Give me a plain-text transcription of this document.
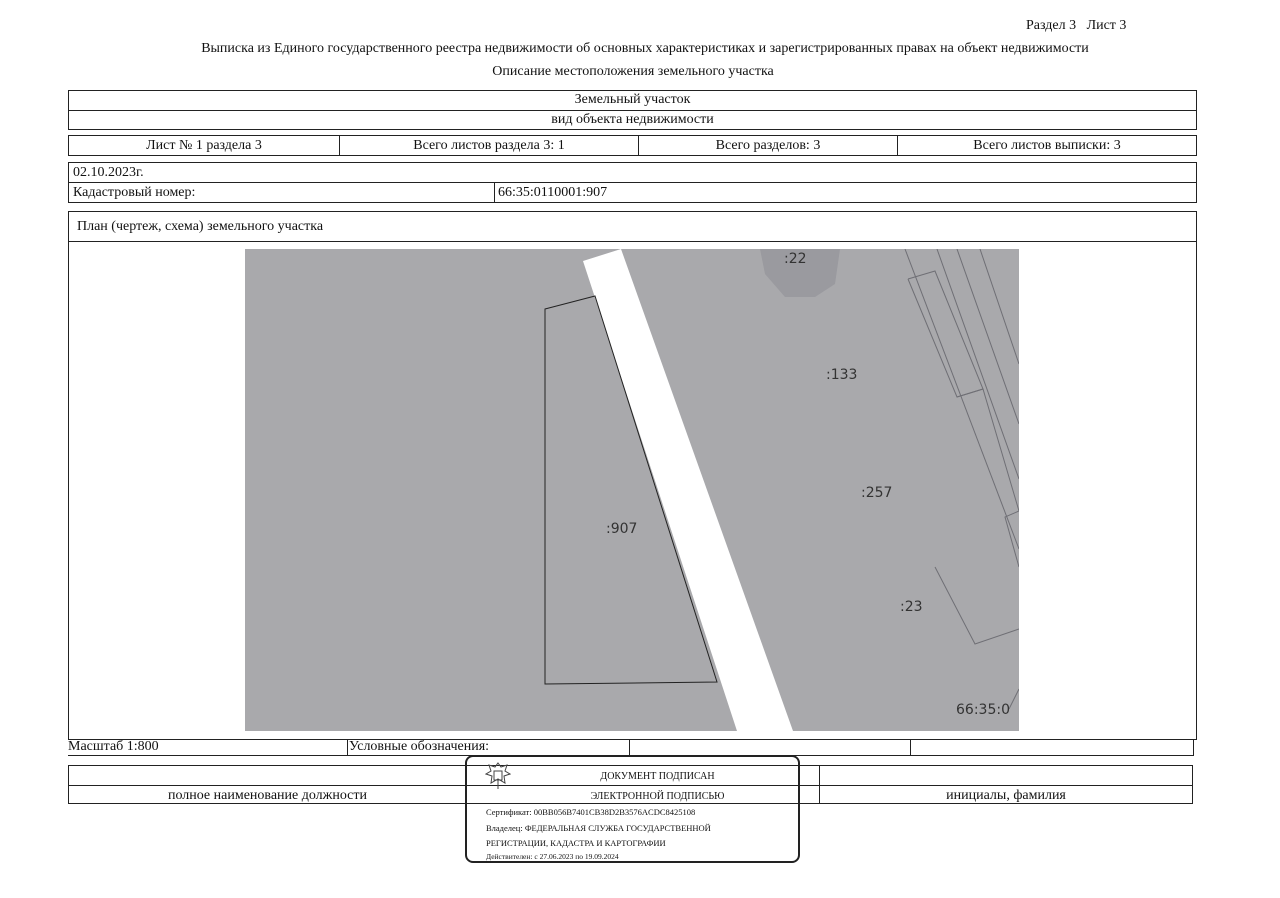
Раздел 3 Лист 3
Выписка из Единого государственного реестра недвижимости об основных характеристиках и зарегистрированных правах на объект недвижимости
Описание местоположения земельного участка
Земельный участок
вид объекта недвижимости
Лист № 1 раздела 3	Всего листов раздела 3: 1	Всего разделов: 3	Всего листов выписки: 3
02.10.2023г.
Кадастровый номер:	66:35:0110001:907
План (чертеж, схема) земельного участка
:22
:133
:257
:907
:23
66:35:0
Масштаб 1:800	Условные обозначения:
полное наименование должности	инициалы, фамилия
ДОКУМЕНТ ПОДПИСАН
ЭЛЕКТРОННОЙ ПОДПИСЬЮ
Сертификат: 00BB056B7401CB38D2B3576ACDC8425108
Владелец: ФЕДЕРАЛЬНАЯ СЛУЖБА ГОСУДАРСТВЕННОЙ
РЕГИСТРАЦИИ, КАДАСТРА И КАРТОГРАФИИ
Действителен: с 27.06.2023 по 19.09.2024
